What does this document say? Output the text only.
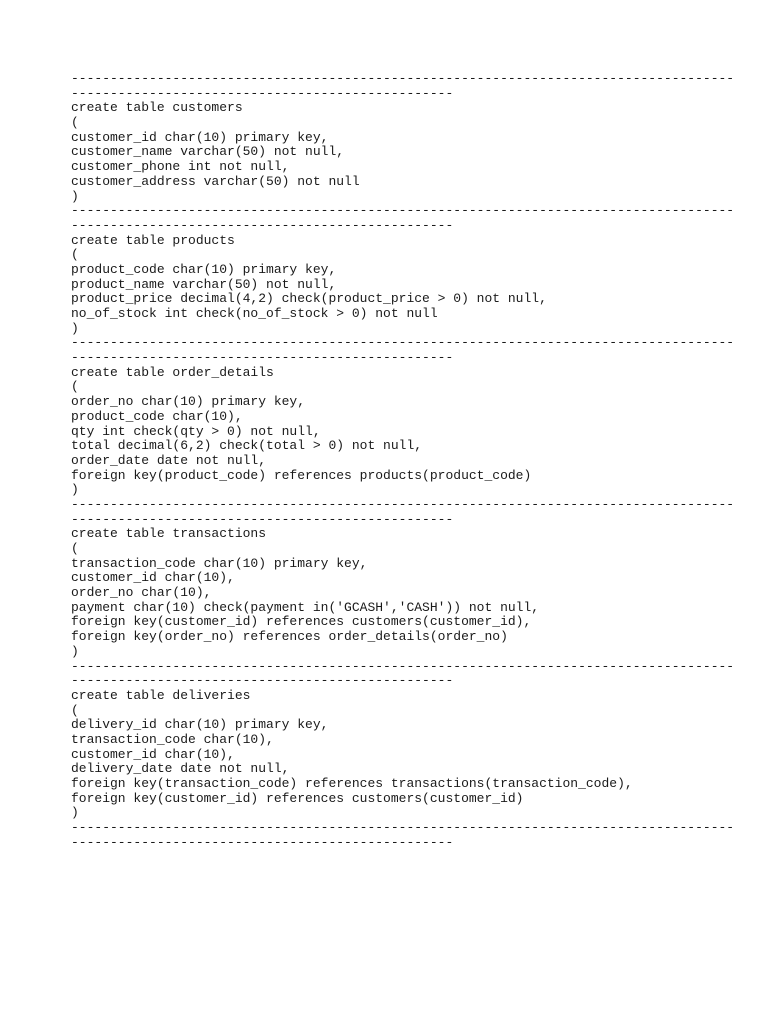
-------------------------------------------------------------------------------------
-------------------------------------------------
create table customers
(
customer_id char(10) primary key,
customer_name varchar(50) not null,
customer_phone int not null,
customer_address varchar(50) not null
)
-------------------------------------------------------------------------------------
-------------------------------------------------
create table products
(
product_code char(10) primary key,
product_name varchar(50) not null,
product_price decimal(4,2) check(product_price > 0) not null,
no_of_stock int check(no_of_stock > 0) not null
)
-------------------------------------------------------------------------------------
-------------------------------------------------
create table order_details
(
order_no char(10) primary key,
product_code char(10),
qty int check(qty > 0) not null,
total decimal(6,2) check(total > 0) not null,
order_date date not null,
foreign key(product_code) references products(product_code)
)
-------------------------------------------------------------------------------------
-------------------------------------------------
create table transactions
(
transaction_code char(10) primary key,
customer_id char(10),
order_no char(10),
payment char(10) check(payment in('GCASH','CASH')) not null,
foreign key(customer_id) references customers(customer_id),
foreign key(order_no) references order_details(order_no)
)
-------------------------------------------------------------------------------------
-------------------------------------------------
create table deliveries
(
delivery_id char(10) primary key,
transaction_code char(10),
customer_id char(10),
delivery_date date not null,
foreign key(transaction_code) references transactions(transaction_code),
foreign key(customer_id) references customers(customer_id)
)
-------------------------------------------------------------------------------------
-------------------------------------------------
